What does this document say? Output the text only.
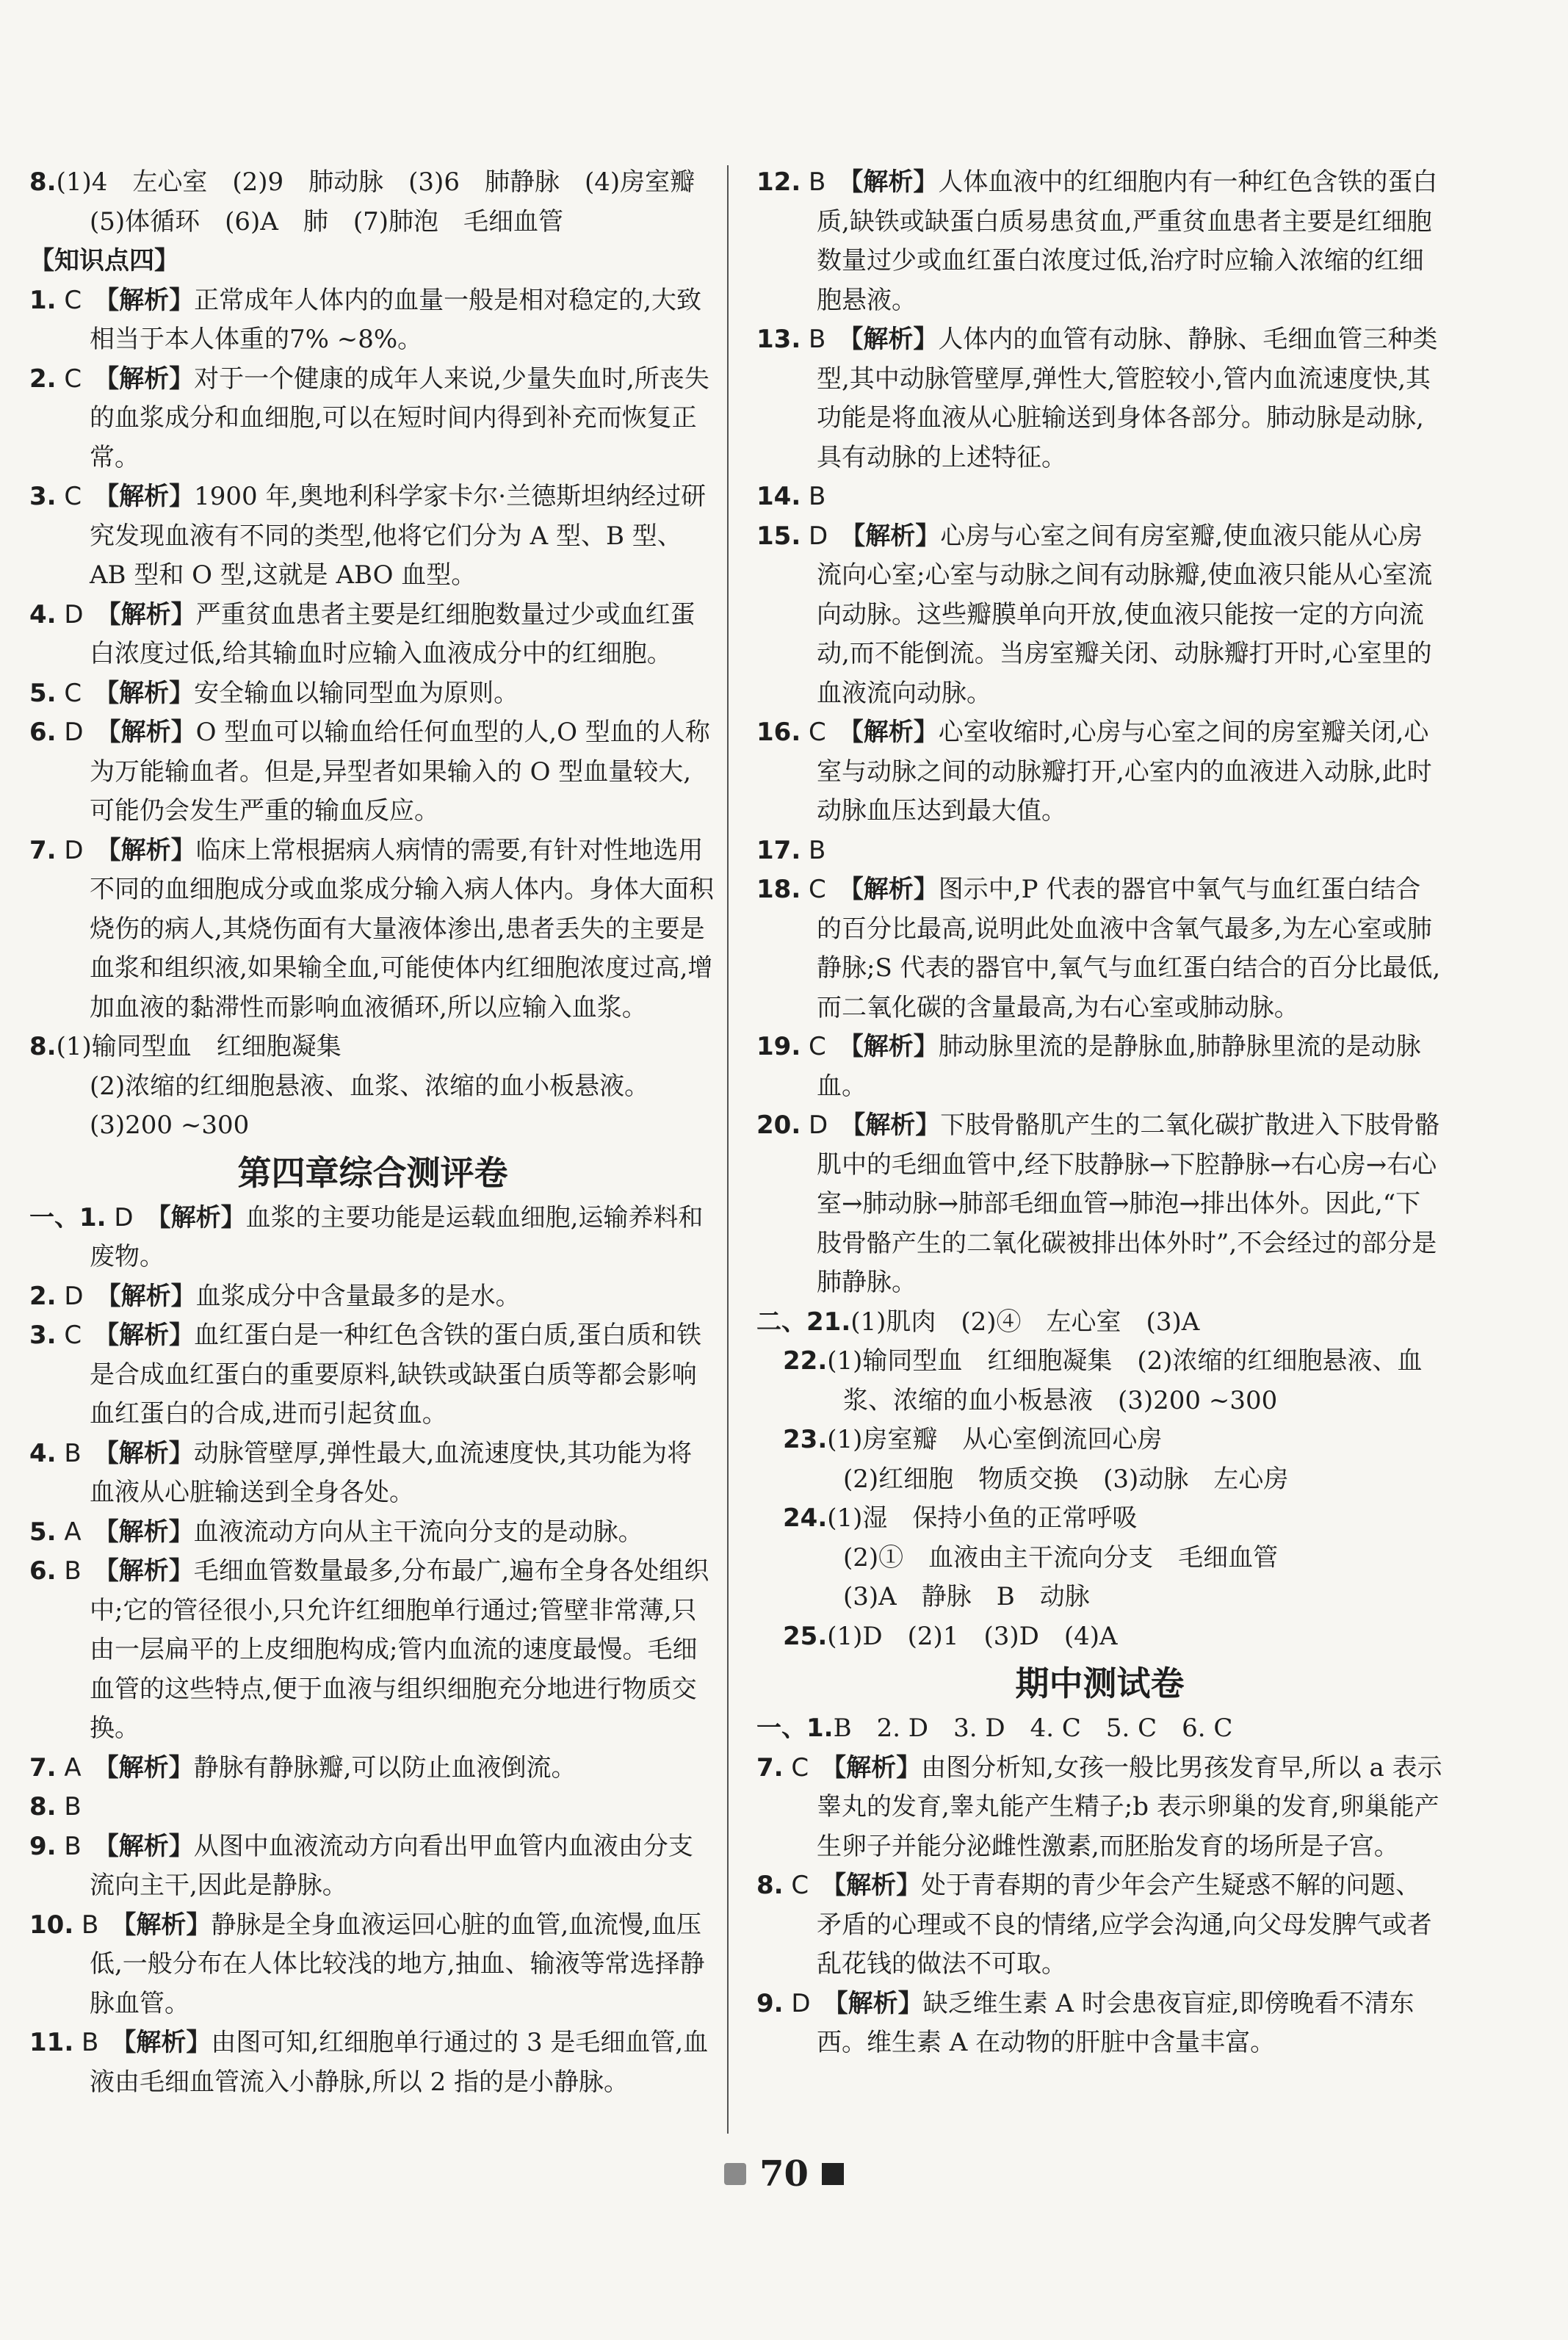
8.(1)4　左心室　(2)9　肺动脉　(3)6　肺静脉　(4)房室瓣　(5)体循环　(6)A　肺　(7)肺泡　毛细血管

【知识点四】

1. C　 【解析】正常成年人体内的血量一般是相对稳定的,大致相当于本人体重的7% ~8%。

2. C　 【解析】对于一个健康的成年人来说,少量失血时,所丧失的血浆成分和血细胞,可以在短时间内得到补充而恢复正常。

3. C　 【解析】1900 年,奥地利科学家卡尔·兰德斯坦纳经过研究发现血液有不同的类型,他将它们分为 A 型、B 型、AB 型和 O 型,这就是 ABO 血型。

4. D　 【解析】严重贫血患者主要是红细胞数量过少或血红蛋白浓度过低,给其输血时应输入血液成分中的红细胞。

5. C　 【解析】安全输血以输同型血为原则。

6. D　 【解析】O 型血可以输血给任何血型的人,O 型血的人称为万能输血者。但是,异型者如果输入的 O 型血量较大,可能仍会发生严重的输血反应。

7. D　 【解析】临床上常根据病人病情的需要,有针对性地选用不同的血细胞成分或血浆成分输入病人体内。身体大面积烧伤的病人,其烧伤面有大量液体渗出,患者丢失的主要是血浆和组织液,如果输全血,可能使体内红细胞浓度过高,增加血液的黏滞性而影响血液循环,所以应输入血浆。

8.(1)输同型血　红细胞凝集

(2)浓缩的红细胞悬液、血浆、浓缩的血小板悬液。

(3)200 ~300

第四章综合测评卷

一、1. D　 【解析】血浆的主要功能是运载血细胞,运输养料和废物。

2. D　 【解析】血浆成分中含量最多的是水。

3. C　 【解析】血红蛋白是一种红色含铁的蛋白质,蛋白质和铁是合成血红蛋白的重要原料,缺铁或缺蛋白质等都会影响血红蛋白的合成,进而引起贫血。

4. B　 【解析】动脉管壁厚,弹性最大,血流速度快,其功能为将血液从心脏输送到全身各处。

5. A　 【解析】血液流动方向从主干流向分支的是动脉。

6. B　 【解析】毛细血管数量最多,分布最广,遍布全身各处组织中;它的管径很小,只允许红细胞单行通过;管壁非常薄,只由一层扁平的上皮细胞构成;管内血流的速度最慢。毛细血管的这些特点,便于血液与组织细胞充分地进行物质交换。

7. A　 【解析】静脉有静脉瓣,可以防止血液倒流。

8. B　

9. B　 【解析】从图中血液流动方向看出甲血管内血液由分支流向主干,因此是静脉。

10. B　 【解析】静脉是全身血液运回心脏的血管,血流慢,血压低,一般分布在人体比较浅的地方,抽血、输液等常选择静脉血管。

11. B　 【解析】由图可知,红细胞单行通过的 3 是毛细血管,血液由毛细血管流入小静脉,所以 2 指的是小静脉。

12. B　 【解析】人体血液中的红细胞内有一种红色含铁的蛋白质,缺铁或缺蛋白质易患贫血,严重贫血患者主要是红细胞数量过少或血红蛋白浓度过低,治疗时应输入浓缩的红细胞悬液。

13. B　 【解析】人体内的血管有动脉、静脉、毛细血管三种类型,其中动脉管壁厚,弹性大,管腔较小,管内血流速度快,其功能是将血液从心脏输送到身体各部分。肺动脉是动脉,具有动脉的上述特征。

14. B　

15. D　 【解析】心房与心室之间有房室瓣,使血液只能从心房流向心室;心室与动脉之间有动脉瓣,使血液只能从心室流向动脉。这些瓣膜单向开放,使血液只能按一定的方向流动,而不能倒流。当房室瓣关闭、动脉瓣打开时,心室里的血液流向动脉。

16. C　 【解析】心室收缩时,心房与心室之间的房室瓣关闭,心室与动脉之间的动脉瓣打开,心室内的血液进入动脉,此时动脉血压达到最大值。

17. B　

18. C　 【解析】图示中,P 代表的器官中氧气与血红蛋白结合的百分比最高,说明此处血液中含氧气最多,为左心室或肺静脉;S 代表的器官中,氧气与血红蛋白结合的百分比最低,而二氧化碳的含量最高,为右心室或肺动脉。

19. C　 【解析】肺动脉里流的是静脉血,肺静脉里流的是动脉血。

20. D　 【解析】下肢骨骼肌产生的二氧化碳扩散进入下肢骨骼肌中的毛细血管中,经下肢静脉→下腔静脉→右心房→右心室→肺动脉→肺部毛细血管→肺泡→排出体外。因此,“下肢骨骼产生的二氧化碳被排出体外时”,不会经过的部分是肺静脉。

二、21.(1)肌肉　(2)④　左心室　(3)A

22.(1)输同型血　红细胞凝集　(2)浓缩的红细胞悬液、血浆、浓缩的血小板悬液　(3)200 ~300

23.(1)房室瓣　从心室倒流回心房

(2)红细胞　物质交换　(3)动脉　左心房

24.(1)湿　保持小鱼的正常呼吸

(2)①　血液由主干流向分支　毛细血管

(3)A　静脉　B　动脉

25.(1)D　(2)1　(3)D　(4)A

期中测试卷

一、1.B　2. D　3. D　4. C　5. C　6. C

7. C　 【解析】由图分析知,女孩一般比男孩发育早,所以 a 表示睾丸的发育,睾丸能产生精子;b 表示卵巢的发育,卵巢能产生卵子并能分泌雌性激素,而胚胎发育的场所是子宫。

8. C　 【解析】处于青春期的青少年会产生疑惑不解的问题、矛盾的心理或不良的情绪,应学会沟通,向父母发脾气或者乱花钱的做法不可取。

9. D　 【解析】缺乏维生素 A 时会患夜盲症,即傍晚看不清东西。维生素 A 在动物的肝脏中含量丰富。

70
